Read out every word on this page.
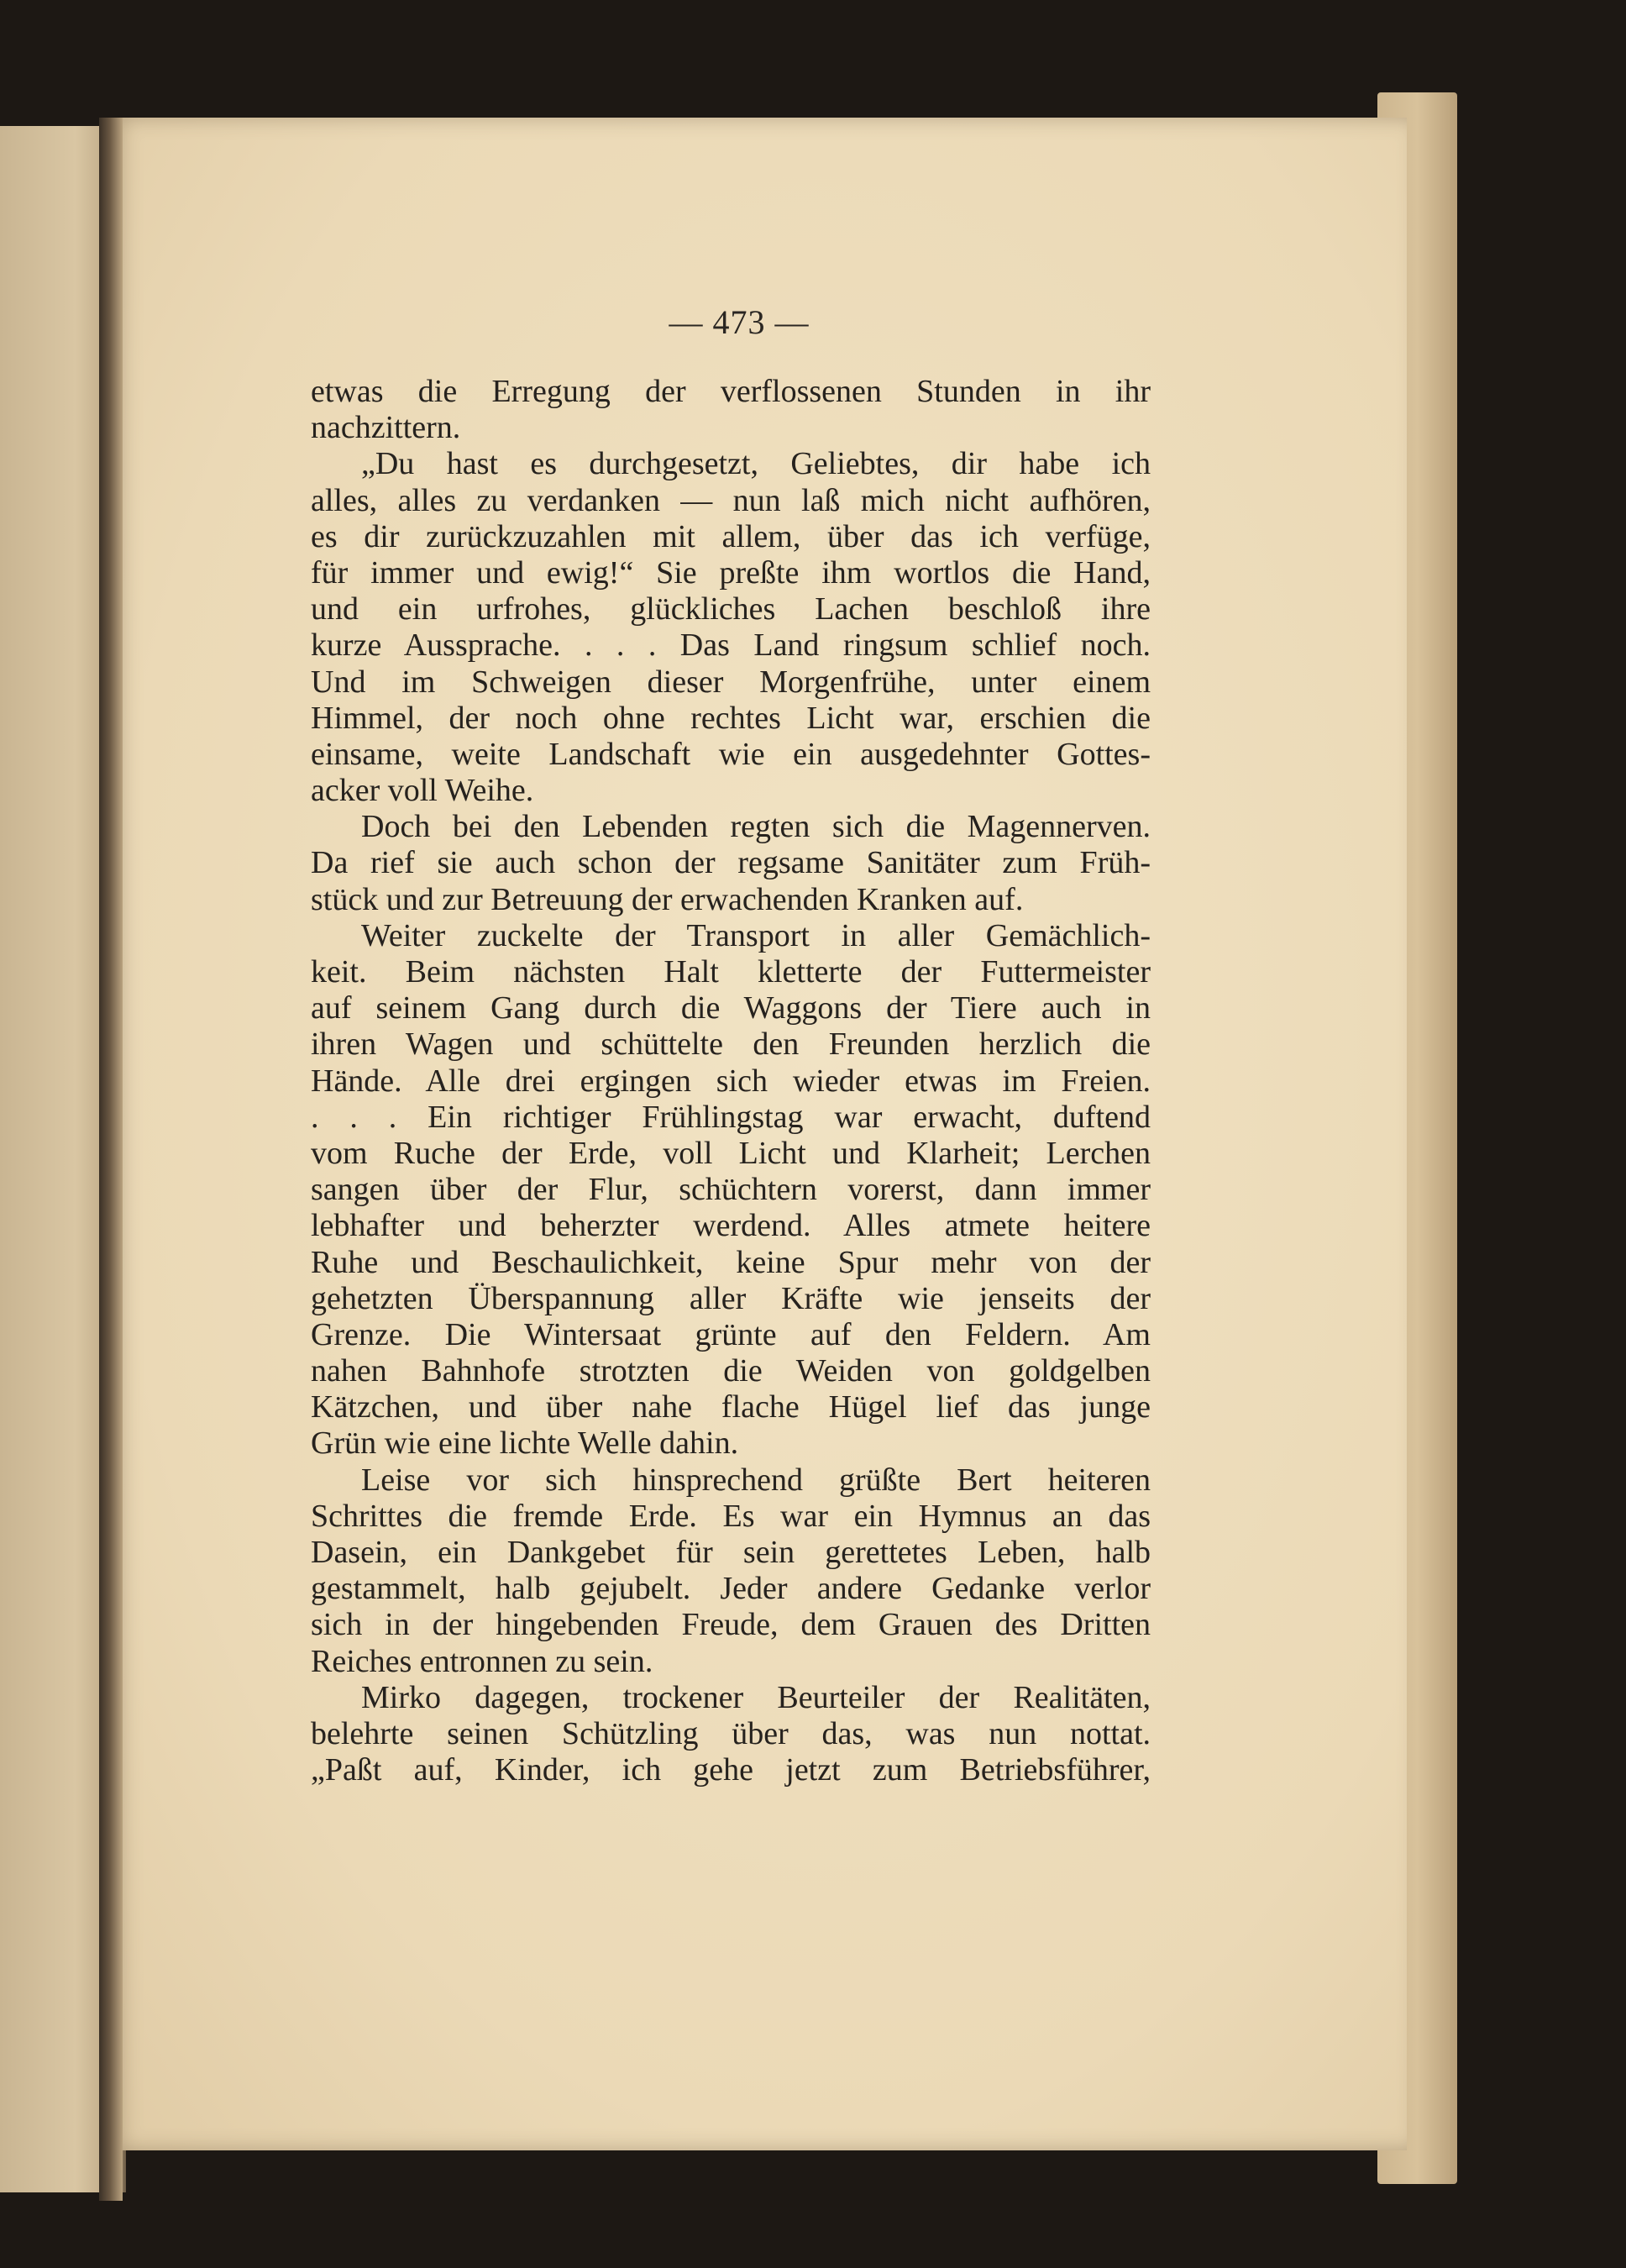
— 473 —
etwas die Erregung der verflossenen Stunden in ihr
nachzittern.
„Du hast es durchgesetzt, Geliebtes, dir habe ich
alles, alles zu verdanken — nun laß mich nicht aufhören,
es dir zurückzuzahlen mit allem, über das ich verfüge,
für immer und ewig!“ Sie preßte ihm wortlos die Hand,
und ein urfrohes, glückliches Lachen beschloß ihre
kurze Aussprache. . . . Das Land ringsum schlief noch.
Und im Schweigen dieser Morgenfrühe, unter einem
Himmel, der noch ohne rechtes Licht war, erschien die
einsame, weite Landschaft wie ein ausgedehnter Gottes-
acker voll Weihe.
Doch bei den Lebenden regten sich die Magennerven.
Da rief sie auch schon der regsame Sanitäter zum Früh-
stück und zur Betreuung der erwachenden Kranken auf.
Weiter zuckelte der Transport in aller Gemächlich-
keit. Beim nächsten Halt kletterte der Futtermeister
auf seinem Gang durch die Waggons der Tiere auch in
ihren Wagen und schüttelte den Freunden herzlich die
Hände. Alle drei ergingen sich wieder etwas im Freien.
. . . Ein richtiger Frühlingstag war erwacht, duftend
vom Ruche der Erde, voll Licht und Klarheit; Lerchen
sangen über der Flur, schüchtern vorerst, dann immer
lebhafter und beherzter werdend. Alles atmete heitere
Ruhe und Beschaulichkeit, keine Spur mehr von der
gehetzten Überspannung aller Kräfte wie jenseits der
Grenze. Die Wintersaat grünte auf den Feldern. Am
nahen Bahnhofe strotzten die Weiden von goldgelben
Kätzchen, und über nahe flache Hügel lief das junge
Grün wie eine lichte Welle dahin.
Leise vor sich hinsprechend grüßte Bert heiteren
Schrittes die fremde Erde. Es war ein Hymnus an das
Dasein, ein Dankgebet für sein gerettetes Leben, halb
gestammelt, halb gejubelt. Jeder andere Gedanke verlor
sich in der hingebenden Freude, dem Grauen des Dritten
Reiches entronnen zu sein.
Mirko dagegen, trockener Beurteiler der Realitäten,
belehrte seinen Schützling über das, was nun nottat.
„Paßt auf, Kinder, ich gehe jetzt zum Betriebsführer,
